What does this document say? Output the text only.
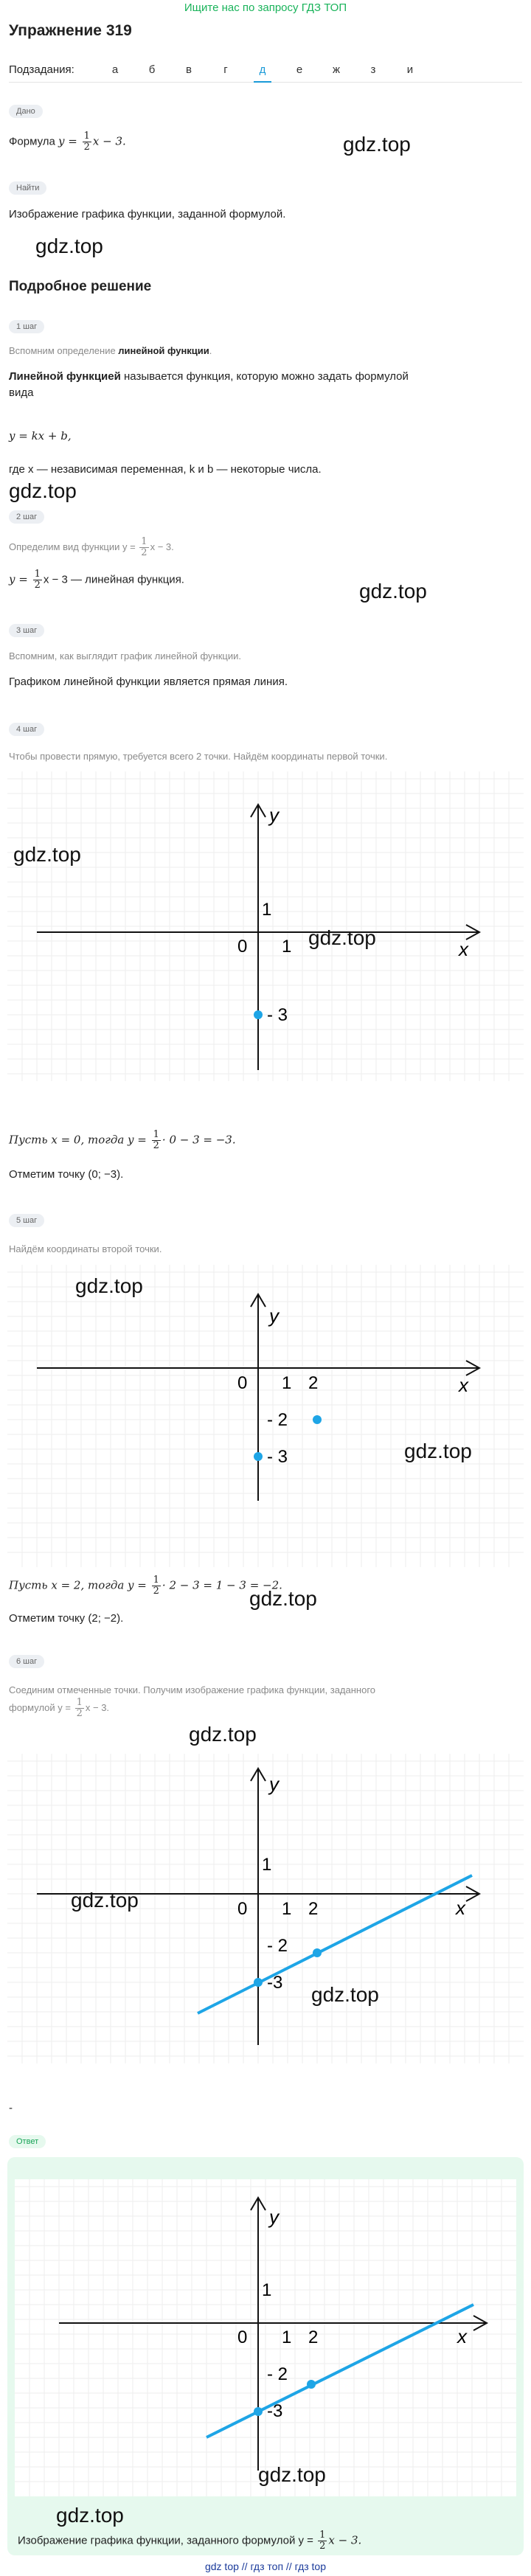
Ищите нас по запросу ГДЗ ТОП
Упражнение 319
Подзадания:	а	б	в	г	д	е	ж	з	и
Дано
Формула $y = \frac{1}{2}$ x − 3.	gdz.top
Найти
Изображение графика функции, заданной формулой.
gdz.top
Подробное решение
1 шаг
Вспомним определение линейной функции.
Линейной функцией называется функция, которую можно задать формулой
вида
y = kx + b,
где x — независимая переменная, k и b — некоторые числа.
gdz.top
2 шаг
Определим вид функции $y = \frac{1}{2}$ x − 3.
$y = \frac{1}{2}$ x − 3 — линейная функция.
gdz.top
3 шаг
Вспомним, как выглядит график линейной функции.
Графиком линейной функции является прямая линия.
4 шаг
Чтобы провести прямую, требуется всего 2 точки. Найдём координаты первой точки.
y
x
0 1
1
- 3
gdz.top
gdz.top
Пусть x = 0, тогда $y = \frac{1}{2} \cdot 0 - 3 = -3$.
Отметим точку (0; −3).
5 шаг
Найдём координаты второй точки.
y
x
0 1 2
- 2
- 3
gdz.top
gdz.top
Пусть x = 2, тогда $y = \frac{1}{2} \cdot 2 - 3 = 1 - 3 = -2$.
gdz.top
Отметим точку (2; −2).
6 шаг
Соединим отмеченные точки. Получим изображение графика функции, заданного
формулой $y = \frac{1}{2}$ x − 3.
gdz.top
y
x
0 1 2
1
- 2
-3
gdz.top
gdz.top
-
Ответ
y
x
0 1 2
1
- 2
-3
gdz.top
gdz.top
Изображение графика функции, заданного формулой $y = \frac{1}{2}$ x − 3.
gdz top // гдз топ // гдз top
